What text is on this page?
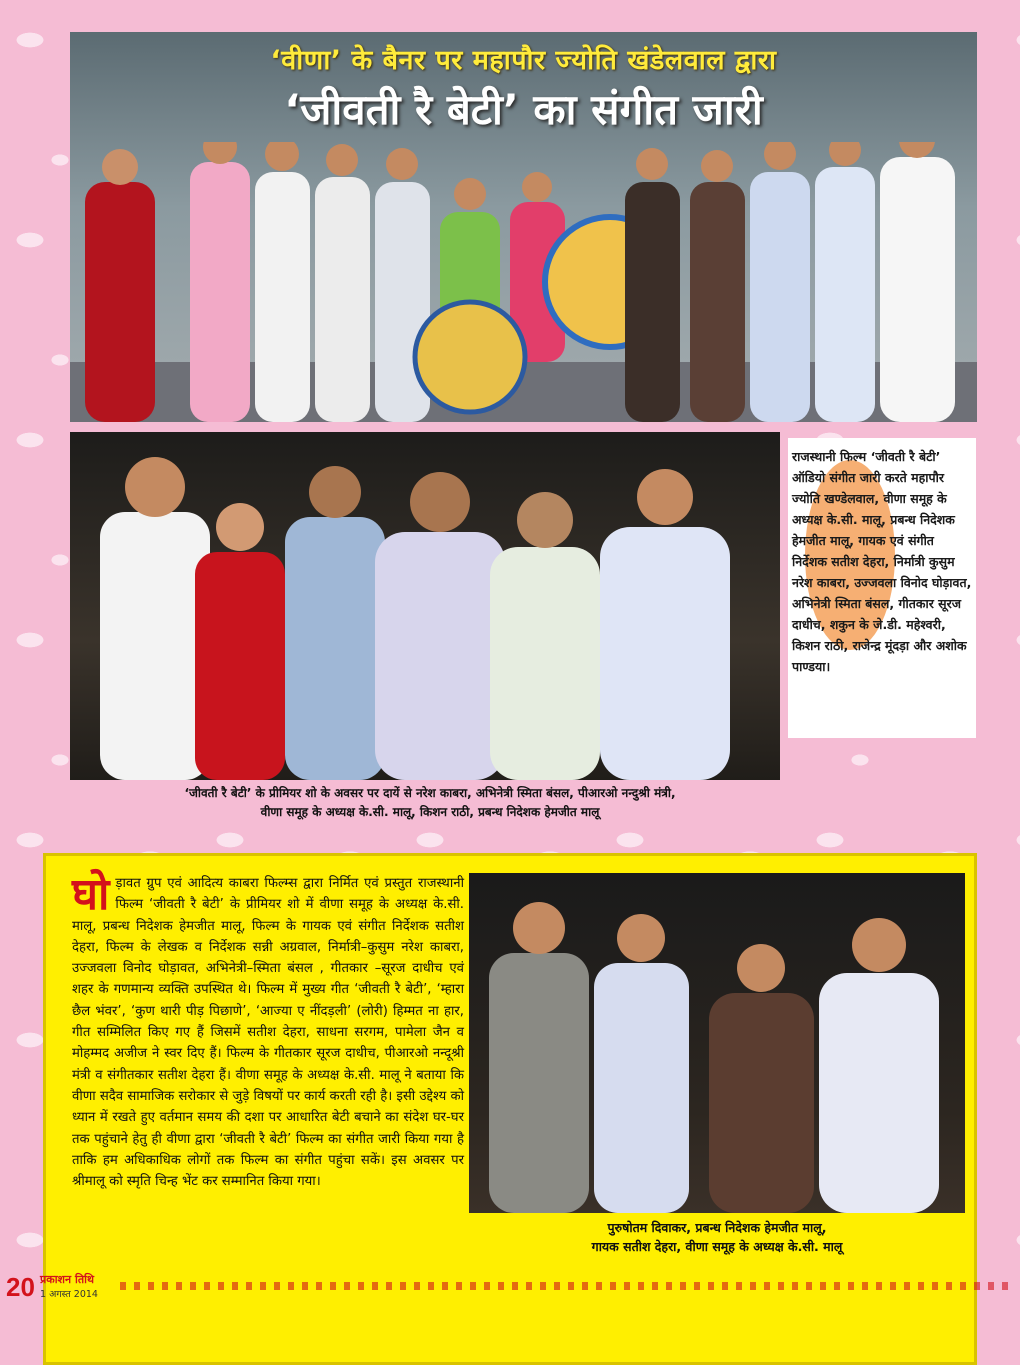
‘वीणा’ के बैनर पर महापौर ज्योति खंडेलवाल द्वारा
‘जीवती रै बेटी’ का संगीत जारी
राजस्थानी फिल्म ‘जीवती रै बेटी’ ऑडियो संगीत जारी करते महापौर ज्योति खण्डेलवाल, वीणा समूह के अध्यक्ष के.सी. मालू, प्रबन्ध निदेशक हेमजीत मालू, गायक एवं संगीत निर्देशक सतीश देहरा, निर्मात्री कुसुम नरेश काबरा, उज्जवला विनोद घोड़ावत, अभिनेत्री स्मिता बंसल, गीतकार सूरज दाधीच, शकुन के जे.डी. महेश्वरी, किशन राठी, राजेन्द्र मूंदड़ा और अशोक पाण्डया।
‘जीवती रै बेटी’ के प्रीमियर शो के अवसर पर दायें से नरेश काबरा, अभिनेत्री स्मिता बंसल, पीआरओ नन्दुश्री मंत्री,
वीणा समूह के अध्यक्ष के.सी. मालू, किशन राठी, प्रबन्ध निदेशक हेमजीत मालू
घोड़ावत ग्रुप एवं आदित्य काबरा फिल्म्स द्वारा निर्मित एवं प्रस्तुत राजस्थानी फिल्म ‘जीवती रै बेटी’ के प्रीमियर शो में वीणा समूह के अध्यक्ष के.सी. मालू, प्रबन्ध निदेशक हेमजीत मालू, फिल्म के गायक एवं संगीत निर्देशक सतीश देहरा, फिल्म के लेखक व निर्देशक सन्नी अग्रवाल, निर्मात्री–कुसुम नरेश काबरा, उज्जवला विनोद घोड़ावत, अभिनेत्री–स्मिता बंसल , गीतकार –सूरज दाधीच एवं शहर के गणमान्य व्यक्ति उपस्थित थे। फिल्म में मुख्य गीत ‘जीवती रै बेटी’, ‘म्हारा छैल भंवर’, ‘कुण थारी पीड़ पिछाणे’, ‘आज्या ए नींदड़ली’ (लोरी) हिम्मत ना हार, गीत सम्मिलित किए गए हैं जिसमें सतीश देहरा, साधना सरगम, पामेला जैन व मोहम्मद अजीज ने स्वर दिए हैं। फिल्म के गीतकार सूरज दाधीच, पीआरओ नन्दूश्री मंत्री व संगीतकार सतीश देहरा हैं। वीणा समूह के अध्यक्ष के.सी. मालू ने बताया कि वीणा सदैव सामाजिक सरोकार से जुड़े विषयों पर कार्य करती रही है। इसी उद्देश्य को ध्यान में रखते हुए वर्तमान समय की दशा पर आधारित बेटी बचाने का संदेश घर-घर तक पहुंचाने हेतु ही वीणा द्वारा ‘जीवती रै बेटी’ फिल्म का संगीत जारी किया गया है ताकि हम अधिकाधिक लोगों तक फिल्म का संगीत पहुंचा सकें। इस अवसर पर श्रीमालू को स्मृति चिन्ह भेंट कर सम्मानित किया गया।
पुरुषोतम दिवाकर, प्रबन्ध निदेशक हेमजीत मालू,
गायक सतीश देहरा, वीणा समूह के अध्यक्ष के.सी. मालू
20 प्रकाशन तिथि
1 अगस्त 2014
